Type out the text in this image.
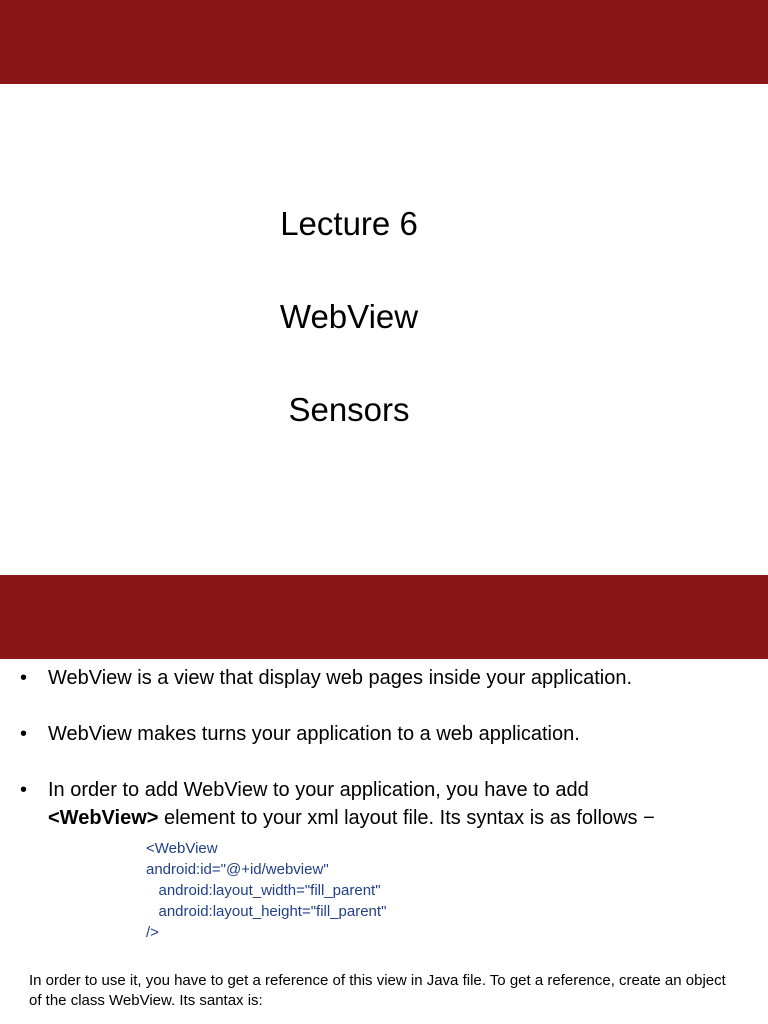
Lecture 6
WebView
Sensors
• WebView is a view that display web pages inside your application.
• WebView makes turns your application to a web application.
• In order to add WebView to your application, you have to add
<WebView> element to your xml layout file. Its syntax is as follows −
<WebView
android:id="@+id/webview"
android:layout_width="fill_parent"
android:layout_height="fill_parent"
/>
In order to use it, you have to get a reference of this view in Java file. To get a reference, create an object of the class WebView. Its santax is:
